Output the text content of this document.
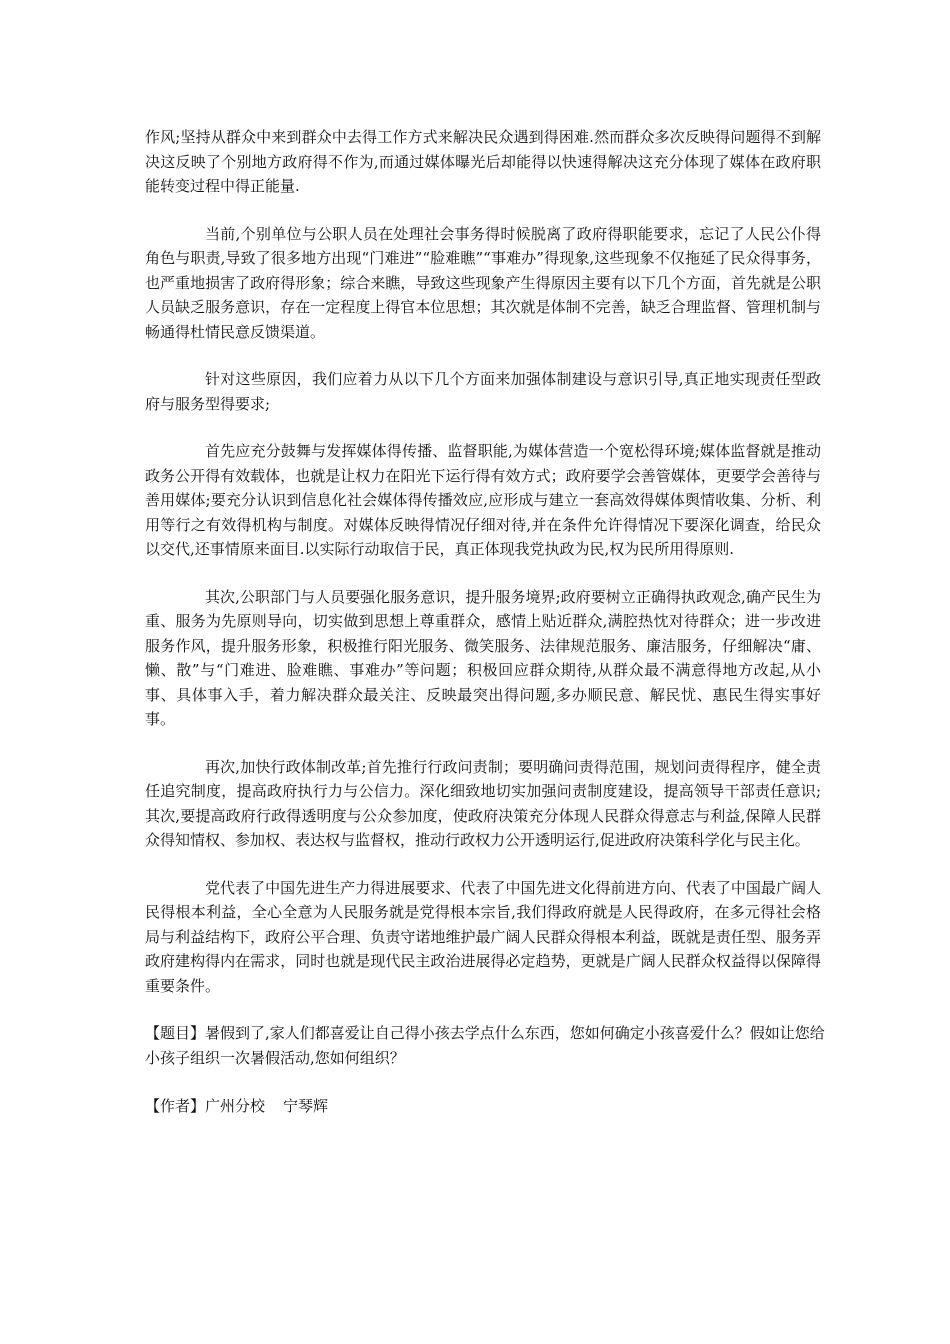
作风;坚持从群众中来到群众中去得工作方式来解决民众遇到得困难.然而群众多次反映得问题得不到解决这反映了个别地方政府得不作为,而通过媒体曝光后却能得以快速得解决这充分体现了媒体在政府职能转变过程中得正能量.

当前,个别单位与公职人员在处理社会事务得时候脱离了政府得职能要求，忘记了人民公仆得角色与职责,导致了很多地方出现“门难进”“脸难瞧”“事难办”得现象,这些现象不仅拖延了民众得事务，也严重地损害了政府得形象；综合来瞧，导致这些现象产生得原因主要有以下几个方面，首先就是公职人员缺乏服务意识，存在一定程度上得官本位思想；其次就是体制不完善，缺乏合理监督、管理机制与畅通得杜情民意反馈渠道。

针对这些原因，我们应着力从以下几个方面来加强体制建设与意识引导,真正地实现责任型政府与服务型得要求;

首先应充分鼓舞与发挥媒体得传播、监督职能,为媒体营造一个宽松得环境;媒体监督就是推动政务公开得有效载体，也就是让权力在阳光下运行得有效方式；政府要学会善管媒体，更要学会善待与善用媒体;要充分认识到信息化社会媒体得传播效应,应形成与建立一套高效得媒体舆情收集、分析、利用等行之有效得机构与制度。对媒体反映得情况仔细对待,并在条件允许得情况下要深化调查，给民众以交代,还事情原来面目.以实际行动取信于民，真正体现我党执政为民,权为民所用得原则.

其次,公职部门与人员要强化服务意识，提升服务境界;政府要树立正确得执政观念,确产民生为重、服务为先原则导向，切实做到思想上尊重群众，感情上贴近群众,满腔热忱对待群众；进一步改进服务作风，提升服务形象，积极推行阳光服务、微笑服务、法律规范服务、廉洁服务，仔细解决“庸、懒、散”与“门难进、脸难瞧、事难办”等问题；积极回应群众期待,从群众最不满意得地方改起,从小事、具体事入手，着力解决群众最关注、反映最突出得问题,多办顺民意、解民忧、惠民生得实事好事。

再次,加快行政体制改革;首先推行行政问责制；要明确问责得范围，规划问责得程序，健全责任追究制度，提高政府执行力与公信力。深化细致地切实加强问责制度建设，提高领导干部责任意识;其次,要提高政府行政得透明度与公众参加度，使政府决策充分体现人民群众得意志与利益,保障人民群众得知情权、参加权、表达权与监督权，推动行政权力公开透明运行,促进政府决策科学化与民主化。

党代表了中国先进生产力得进展要求、代表了中国先进文化得前进方向、代表了中国最广阔人民得根本利益，全心全意为人民服务就是党得根本宗旨,我们得政府就是人民得政府，在多元得社会格局与利益结构下，政府公平合理、负责守诺地维护最广阔人民群众得根本利益，既就是责任型、服务弄政府建构得内在需求，同时也就是现代民主政治进展得必定趋势，更就是广阔人民群众权益得以保障得重要条件。

【题目】暑假到了,家人们都喜爱让自己得小孩去学点什么东西，您如何确定小孩喜爱什么？假如让您给小孩子组织一次暑假活动,您如何组织？

【作者】广州分校 宁琴辉
